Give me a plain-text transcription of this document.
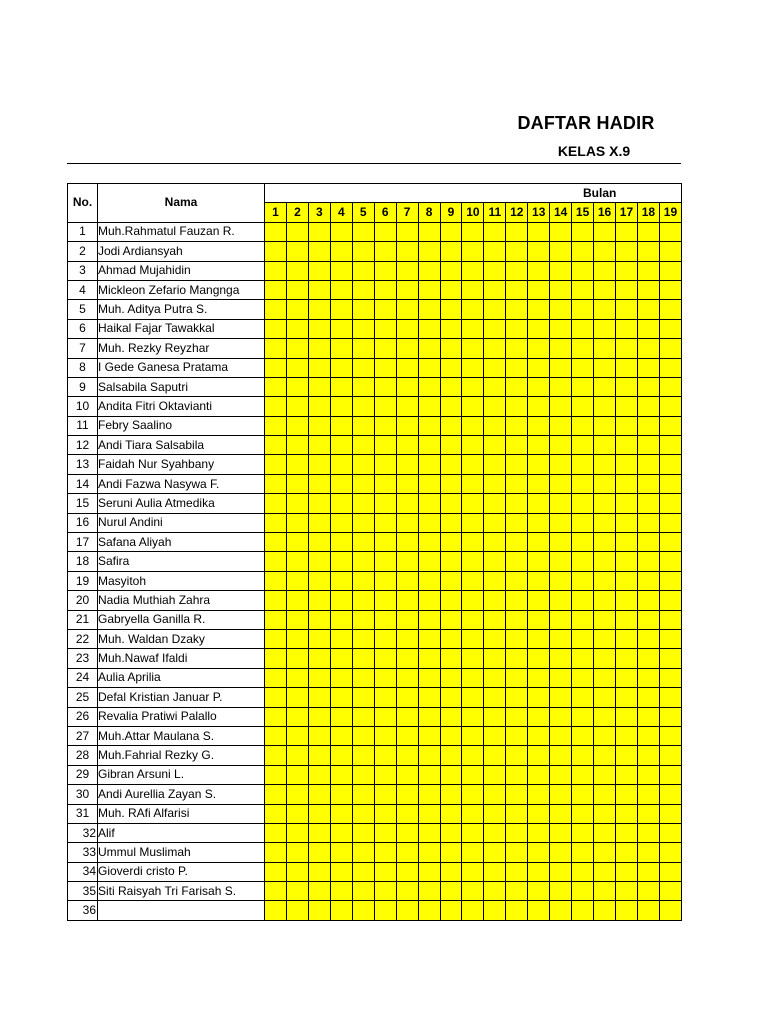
DAFTAR HADIR
KELAS X.9
No.	Nama	Bulan																		
		1	2	3	4	5	6	7	8	9	10	11	12	13	14	15	16	17	18	19
1	Muh.Rahmatul Fauzan R.																			
2	Jodi Ardiansyah																			
3	Ahmad Mujahidin																			
4	Mickleon Zefario Mangnga																			
5	Muh. Aditya Putra S.																			
6	Haikal Fajar Tawakkal																			
7	Muh. Rezky Reyzhar																			
8	I Gede Ganesa Pratama																			
9	Salsabila Saputri																			
10	Andita Fitri Oktavianti																			
11	Febry Saalino																			
12	Andi Tiara Salsabila																			
13	Faidah Nur Syahbany																			
14	Andi Fazwa Nasywa F.																			
15	Seruni Aulia Atmedika																			
16	Nurul Andini																			
17	Safana Aliyah																			
18	Safira																			
19	Masyitoh																			
20	Nadia Muthiah Zahra																			
21	Gabryella Ganilla R.																			
22	Muh. Waldan Dzaky																			
23	Muh.Nawaf Ifaldi																			
24	Aulia Aprilia																			
25	Defal Kristian Januar P.																			
26	Revalia Pratiwi Palallo																			
27	Muh.Attar Maulana S.																			
28	Muh.Fahrial Rezky G.																			
29	Gibran Arsuni L.																			
30	Andi Aurellia Zayan S.																			
31	Muh. RAfi Alfarisi																			
32	Alif																			
33	Ummul Muslimah																			
34	Gioverdi cristo P.																			
35	Siti Raisyah Tri Farisah S.																			
36																				
